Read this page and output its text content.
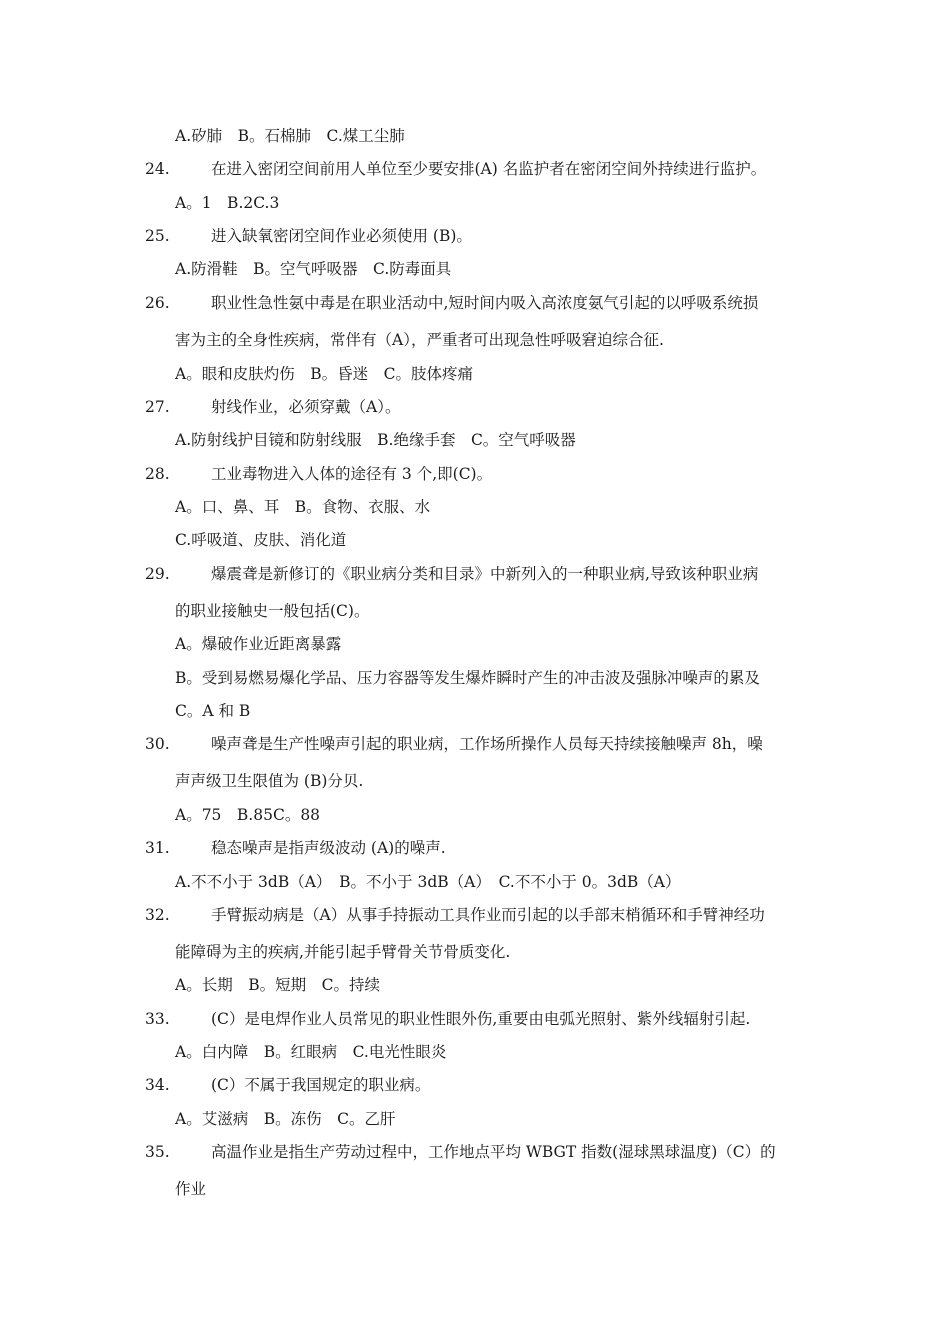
A.矽肺　B。石棉肺　C.煤工尘肺
24.	在进入密闭空间前用人单位至少要安排(A) 名监护者在密闭空间外持续进行监护。
A。1　B.2C.3
25.	进入缺氧密闭空间作业必须使用 (B)。
A.防滑鞋　B。空气呼吸器　C.防毒面具
26.	职业性急性氨中毒是在职业活动中,短时间内吸入高浓度氨气引起的以呼吸系统损
害为主的全身性疾病，常伴有（A），严重者可出现急性呼吸窘迫综合征.
A。眼和皮肤灼伤　B。昏迷　C。肢体疼痛
27.	射线作业，必须穿戴（A）。
A.防射线护目镜和防射线服　B.绝缘手套　C。空气呼吸器
28.	工业毒物进入人体的途径有 3 个,即(C)。
A。口、鼻、耳　B。食物、衣服、水
C.呼吸道、皮肤、消化道
29.	爆震聋是新修订的《职业病分类和目录》中新列入的一种职业病,导致该种职业病
的职业接触史一般包括(C)。
A。爆破作业近距离暴露
B。受到易燃易爆化学品、压力容器等发生爆炸瞬时产生的冲击波及强脉冲噪声的累及
C。A 和 B
30.	噪声聋是生产性噪声引起的职业病，工作场所操作人员每天持续接触噪声 8h，噪
声声级卫生限值为 (B)分贝.
A。75　B.85C。88
31.	稳态噪声是指声级波动 (A)的噪声.
A.不不小于 3dB（A）　B。不小于 3dB（A）　C.不不小于 0。3dB（A）
32.	手臂振动病是（A）从事手持振动工具作业而引起的以手部末梢循环和手臂神经功
能障碍为主的疾病,并能引起手臂骨关节骨质变化.
A。长期　B。短期　C。持续
33.	(C）是电焊作业人员常见的职业性眼外伤,重要由电弧光照射、紫外线辐射引起.
A。白内障　B。红眼病　C.电光性眼炎
34.	(C）不属于我国规定的职业病。
A。艾滋病　B。冻伤　C。乙肝
35.	高温作业是指生产劳动过程中，工作地点平均 WBGT 指数(湿球黑球温度)（C）的
作业
